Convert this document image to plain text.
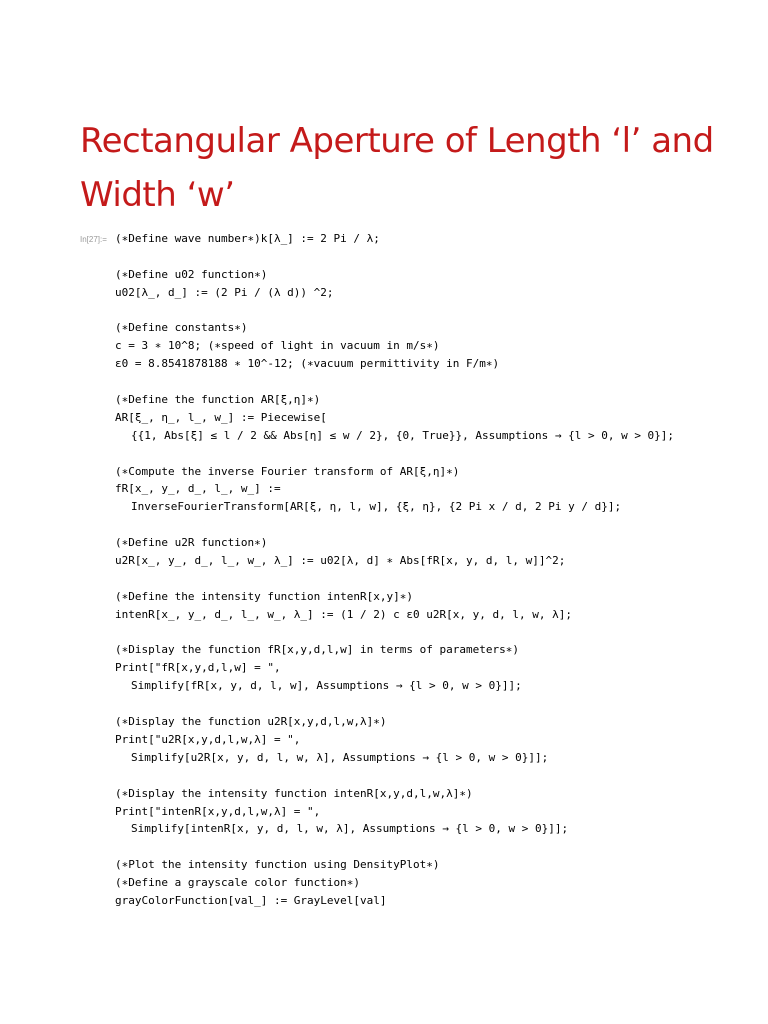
Rectangular Aperture of Length ‘l’ and Width ‘w’
In[27]:= (∗Define wave number∗)k[λ_] := 2 Pi / λ;
(∗Define u02 function∗)
u02[λ_, d_] := (2 Pi / (λ d)) ^2;
(∗Define constants∗)
c = 3 ∗ 10^8; (∗speed of light in vacuum in m/s∗)
ε0 = 8.8541878188 ∗ 10^-12; (∗vacuum permittivity in F/m∗)
(∗Define the function AR[ξ,η]∗)
AR[ξ_, η_, l_, w_] := Piecewise[
{{1, Abs[ξ] ≤ l / 2 && Abs[η] ≤ w / 2}, {0, True}}, Assumptions → {l > 0, w > 0}];
(∗Compute the inverse Fourier transform of AR[ξ,η]∗)
fR[x_, y_, d_, l_, w_] :=
InverseFourierTransform[AR[ξ, η, l, w], {ξ, η}, {2 Pi x / d, 2 Pi y / d}];
(∗Define u2R function∗)
u2R[x_, y_, d_, l_, w_, λ_] := u02[λ, d] ∗ Abs[fR[x, y, d, l, w]]^2;
(∗Define the intensity function intenR[x,y]∗)
intenR[x_, y_, d_, l_, w_, λ_] := (1 / 2) c ε0 u2R[x, y, d, l, w, λ];
(∗Display the function fR[x,y,d,l,w] in terms of parameters∗)
Print["fR[x,y,d,l,w] = ",
Simplify[fR[x, y, d, l, w], Assumptions → {l > 0, w > 0}]];
(∗Display the function u2R[x,y,d,l,w,λ]∗)
Print["u2R[x,y,d,l,w,λ] = ",
Simplify[u2R[x, y, d, l, w, λ], Assumptions → {l > 0, w > 0}]];
(∗Display the intensity function intenR[x,y,d,l,w,λ]∗)
Print["intenR[x,y,d,l,w,λ] = ",
Simplify[intenR[x, y, d, l, w, λ], Assumptions → {l > 0, w > 0}]];
(∗Plot the intensity function using DensityPlot∗)
(∗Define a grayscale color function∗)
grayColorFunction[val_] := GrayLevel[val]
